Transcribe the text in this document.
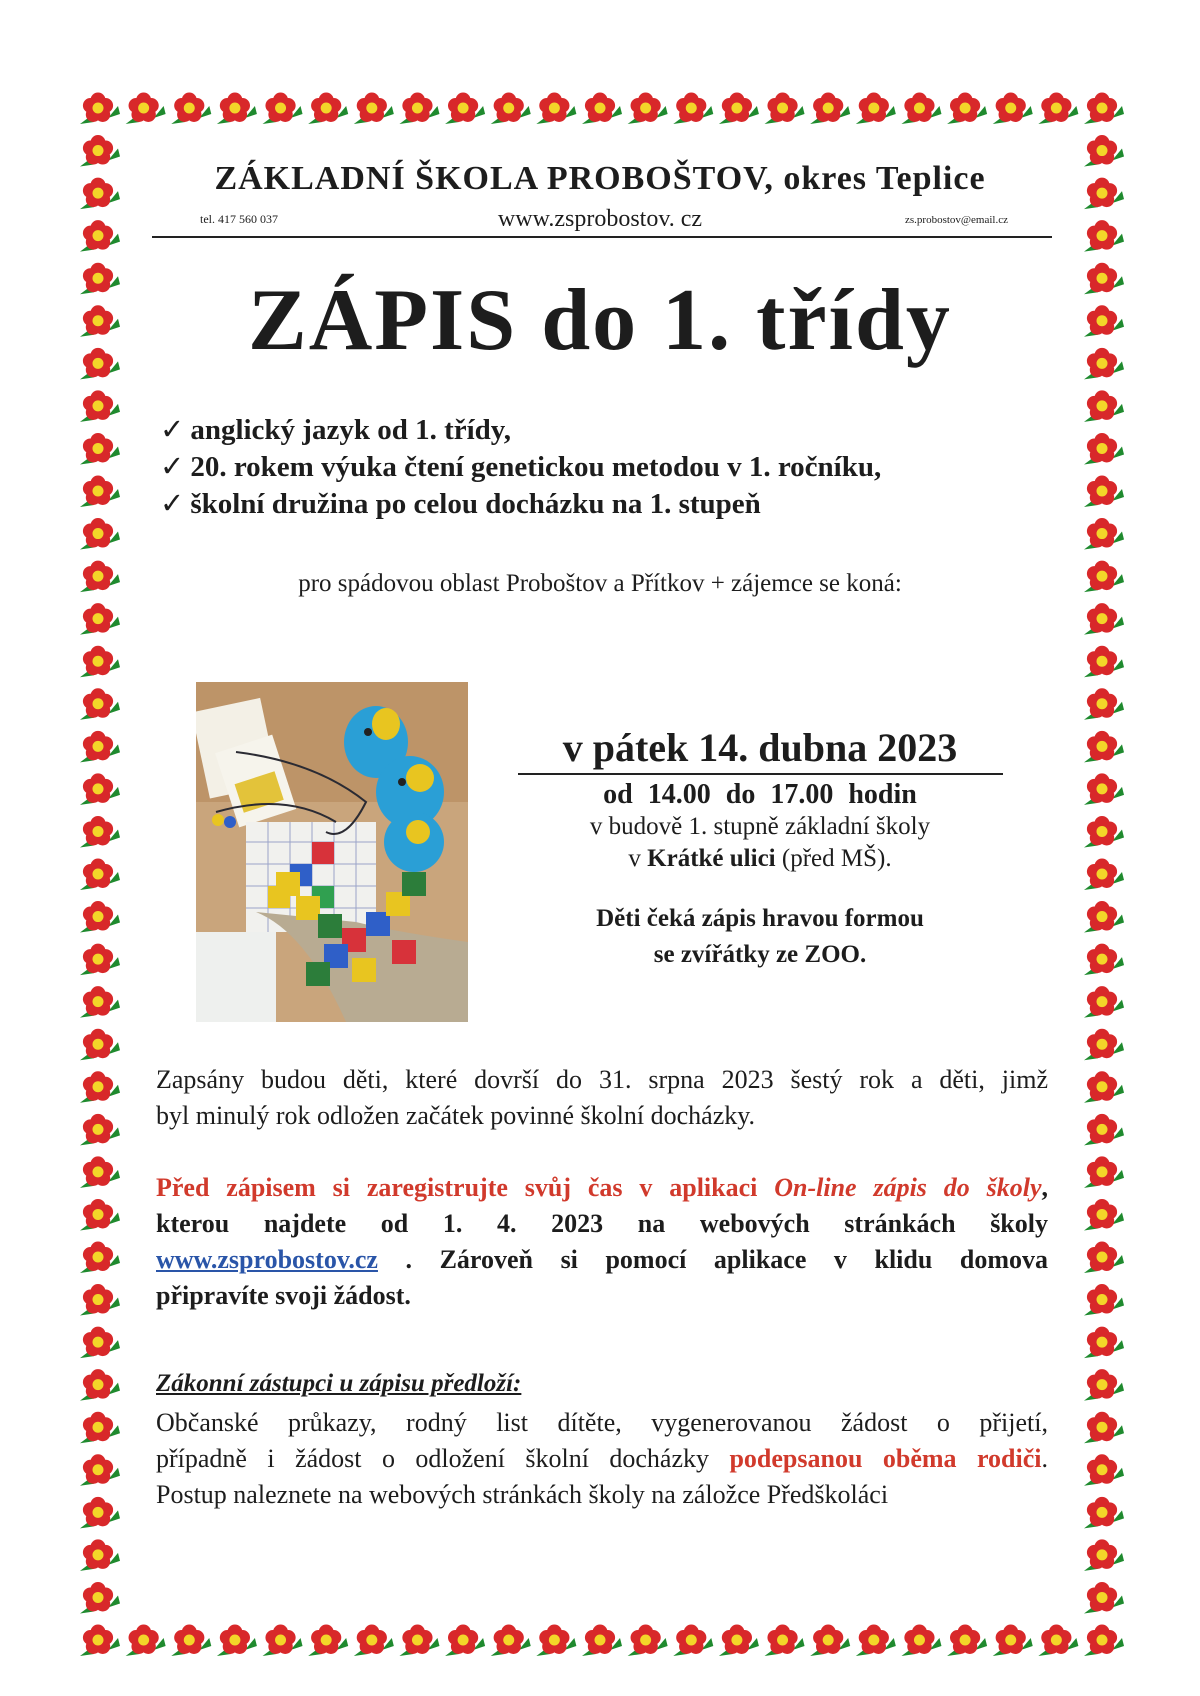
ZÁKLADNÍ ŠKOLA PROBOŠTOV, okres Teplice
tel. 417 560 037	www.zsprobostov. cz	zs.probostov@email.cz
ZÁPIS do 1. třídy
✓ anglický jazyk od 1. třídy,
✓ 20. rokem výuka čtení genetickou metodou v 1. ročníku,
✓ školní družina po celou docházku na 1. stupeň
pro spádovou oblast Proboštov a Přítkov + zájemce se koná:
v pátek 14. dubna 2023
od 14.00 do 17.00 hodin
v budově 1. stupně základní školy
v Krátké ulici (před MŠ).
Děti čeká zápis hravou formou
se zvířátky ze ZOO.
Zapsány budou děti, které dovrší do 31. srpna 2023 šestý rok a děti, jimž
byl minulý rok odložen začátek povinné školní docházky.
Před zápisem si zaregistrujte svůj čas v aplikaci On-line zápis do školy,
kterou najdete od 1. 4. 2023 na webových stránkách školy
www.zsprobostov.cz . Zároveň si pomocí aplikace v klidu domova
připravíte svoji žádost.
Zákonní zástupci u zápisu předloží:
Občanské průkazy, rodný list dítěte, vygenerovanou žádost o přijetí,
případně i žádost o odložení školní docházky podepsanou oběma rodiči.
Postup naleznete na webových stránkách školy na záložce Předškoláci
